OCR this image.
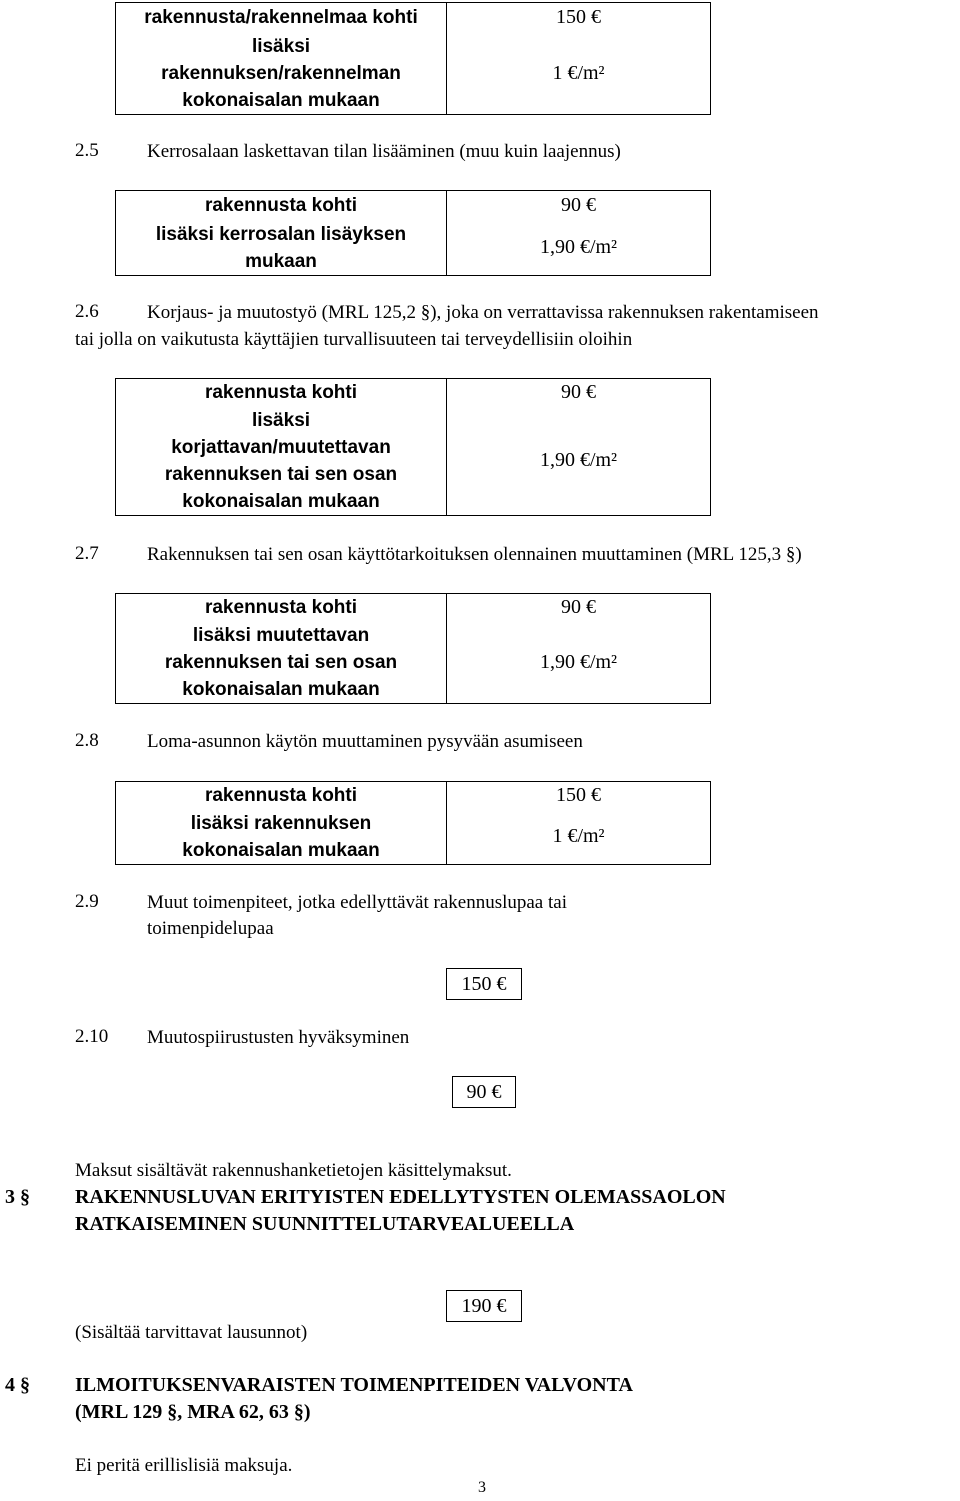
rakennusta/rakennelmaa kohti	150 €

lisäksi
rakennuksen/rakennelman
kokonaisalan mukaan	1 €/m²
2.5	Kerrosalaan laskettavan tilan lisääminen (muu kuin laajennus)
rakennusta kohti	90 €

lisäksi kerrosalan lisäyksen
mukaan	1,90 €/m²
2.6	Korjaus- ja muutostyö (MRL 125,2 §), joka on verrattavissa rakennuksen rakentamiseen
tai jolla on vaikutusta käyttäjien turvallisuuteen tai terveydellisiin oloihin
rakennusta kohti	90 €

lisäksi
korjattavan/muutettavan
rakennuksen tai sen osan
kokonaisalan mukaan	1,90 €/m²
2.7	Rakennuksen tai sen osan käyttötarkoituksen olennainen muuttaminen (MRL 125,3 §)
rakennusta kohti	90 €

lisäksi muutettavan
rakennuksen tai sen osan
kokonaisalan mukaan	1,90 €/m²
2.8	Loma-asunnon käytön muuttaminen pysyvään asumiseen
rakennusta kohti	150 €

lisäksi rakennuksen
kokonaisalan mukaan	1 €/m²
2.9	Muut toimenpiteet, jotka edellyttävät rakennuslupaa tai
toimenpidelupaa
150 €
2.10 Muutospiirustusten hyväksyminen
90 €
Maksut sisältävät rakennushanketietojen käsittelymaksut.
3 § RAKENNUSLUVAN ERITYISTEN EDELLYTYSTEN OLEMASSAOLON
RATKAISEMINEN SUUNNITTELUTARVEALUEELLA
190 €
(Sisältää tarvittavat lausunnot)
4 § ILMOITUKSENVARAISTEN TOIMENPITEIDEN VALVONTA
(MRL 129 §, MRA 62, 63 §)
Ei peritä erillislisiä maksuja.
3
